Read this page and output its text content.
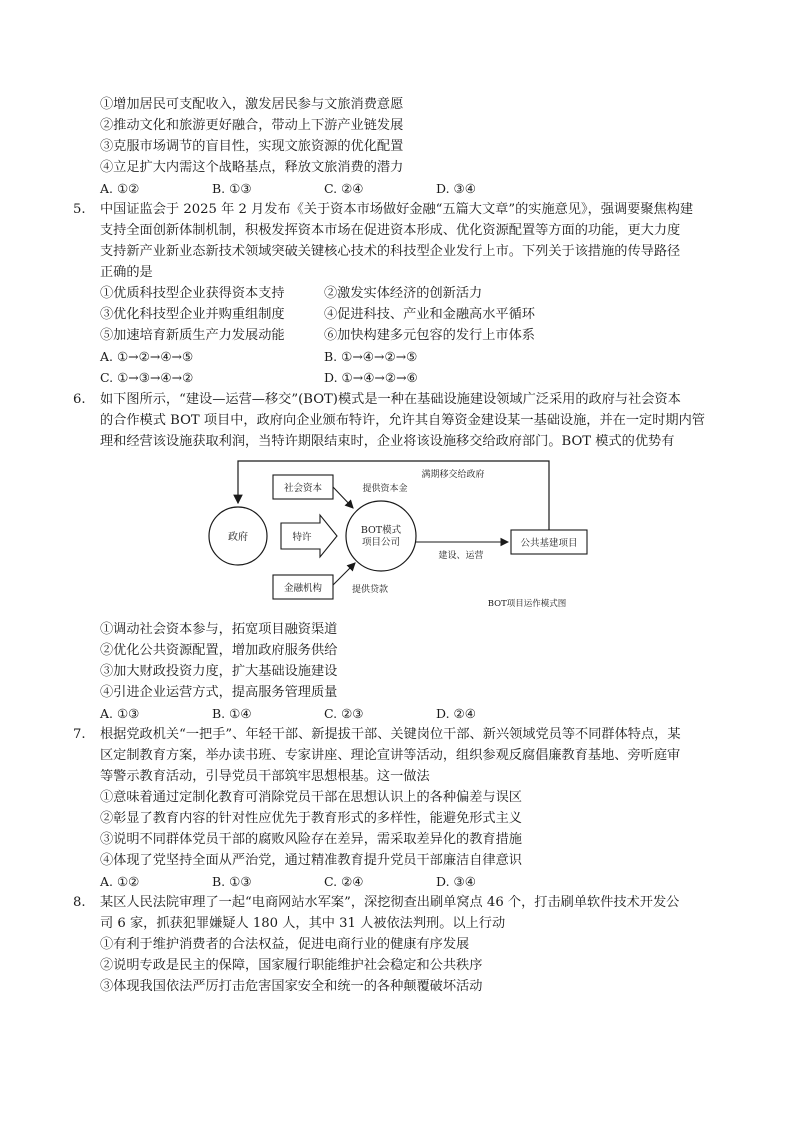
①增加居民可支配收入，激发居民参与文旅消费意愿
②推动文化和旅游更好融合，带动上下游产业链发展
③克服市场调节的盲目性，实现文旅资源的优化配置
④立足扩大内需这个战略基点，释放文旅消费的潜力
A. ①②	B. ①③	C. ②④	D. ③④
5. 中国证监会于 2025 年 2 月发布《关于资本市场做好金融“五篇大文章”的实施意见》，强调要聚焦构建
支持全面创新体制机制，积极发挥资本市场在促进资本形成、优化资源配置等方面的功能，更大力度
支持新产业新业态新技术领域突破关键核心技术的科技型企业发行上市。下列关于该措施的传导路径
正确的是
①优质科技型企业获得资本支持	②激发实体经济的创新活力
③优化科技型企业并购重组制度	④促进科技、产业和金融高水平循环
⑤加速培育新质生产力发展动能	⑥加快构建多元包容的发行上市体系
A. ①→②→④→⑤	B. ①→④→②→⑤
C. ①→③→④→②	D. ①→④→②→⑥
6. 如下图所示，“建设—运营—移交”(BOT)模式是一种在基础设施建设领域广泛采用的政府与社会资本
的合作模式 BOT 项目中，政府向企业颁布特许，允许其自筹资金建设某一基础设施，并在一定时期内管
理和经营该设施获取利润，当特许期限结束时，企业将该设施移交给政府部门。BOT 模式的优势有
政府
满期移交给政府
社会资本	提供资本金
特许
BOT模式
项目公司
建设、运营
公共基建项目
金融机构	提供贷款
BOT项目运作模式图
①调动社会资本参与，拓宽项目融资渠道
②优化公共资源配置，增加政府服务供给
③加大财政投资力度，扩大基础设施建设
④引进企业运营方式，提高服务管理质量
A. ①③	B. ①④	C. ②③	D. ②④
7. 根据党政机关“一把手”、年轻干部、新提拔干部、关键岗位干部、新兴领域党员等不同群体特点，某
区定制教育方案，举办读书班、专家讲座、理论宣讲等活动，组织参观反腐倡廉教育基地、旁听庭审
等警示教育活动，引导党员干部筑牢思想根基。这一做法
①意味着通过定制化教育可消除党员干部在思想认识上的各种偏差与误区
②彰显了教育内容的针对性应优先于教育形式的多样性，能避免形式主义
③说明不同群体党员干部的腐败风险存在差异，需采取差异化的教育措施
④体现了党坚持全面从严治党，通过精准教育提升党员干部廉洁自律意识
A. ①②	B. ①③	C. ②④	D. ③④
8. 某区人民法院审理了一起“电商网站水军案”，深挖彻查出刷单窝点 46 个，打击刷单软件技术开发公
司 6 家，抓获犯罪嫌疑人 180 人，其中 31 人被依法判刑。以上行动
①有利于维护消费者的合法权益，促进电商行业的健康有序发展
②说明专政是民主的保障，国家履行职能维护社会稳定和公共秩序
③体现我国依法严厉打击危害国家安全和统一的各种颠覆破坏活动
